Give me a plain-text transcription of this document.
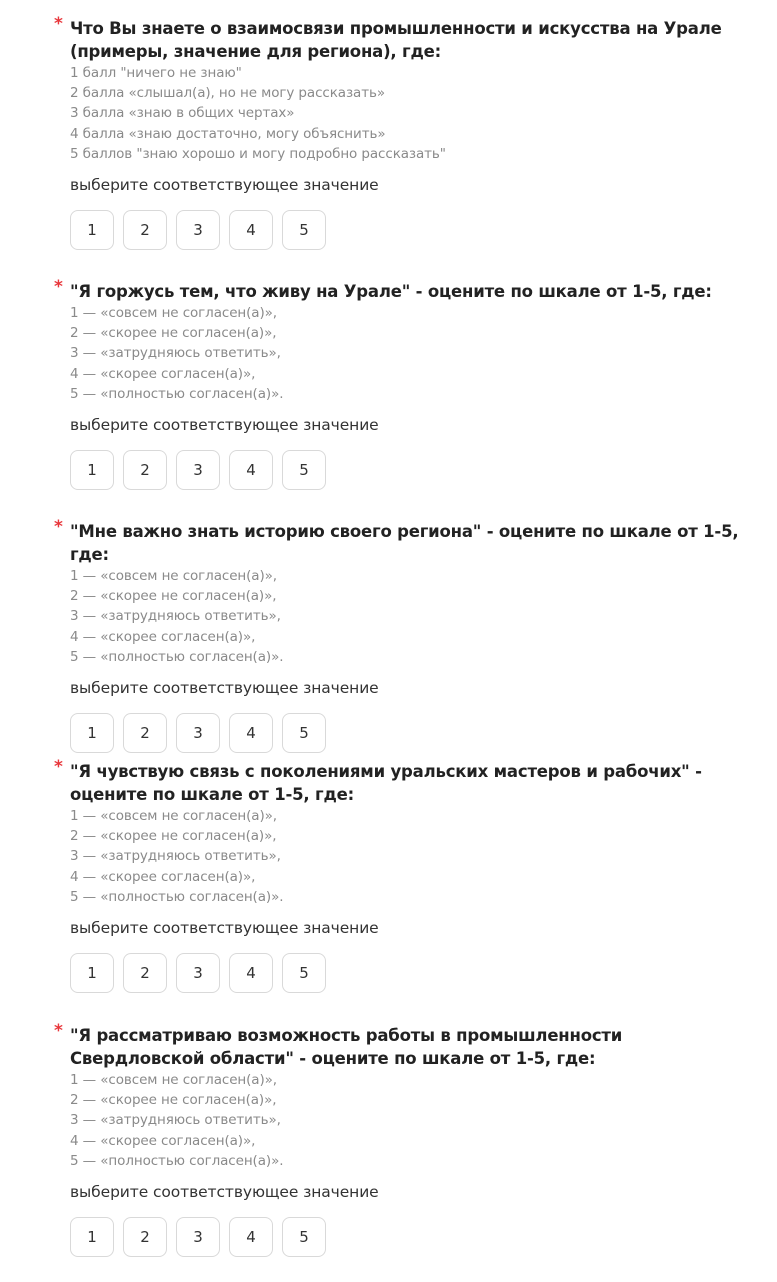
* Что Вы знаете о взаимосвязи промышленности и искусства на Урале (примеры, значение для региона), где:
1 балл "ничего не знаю"
2 балла «слышал(а), но не могу рассказать»
3 балла «знаю в общих чертах»
4 балла «знаю достаточно, могу объяснить»
5 баллов "знаю хорошо и могу подробно рассказать"
выберите соответствующее значение
1	2	3	4	5
* "Я горжусь тем, что живу на Урале" - оцените по шкале от 1-5, где:
1 — «совсем не согласен(а)»,
2 — «скорее не согласен(а)»,
3 — «затрудняюсь ответить»,
4 — «скорее согласен(а)»,
5 — «полностью согласен(а)».
выберите соответствующее значение
1	2	3	4	5
* "Мне важно знать историю своего региона" - оцените по шкале от 1-5, где:
1 — «совсем не согласен(а)»,
2 — «скорее не согласен(а)»,
3 — «затрудняюсь ответить»,
4 — «скорее согласен(а)»,
5 — «полностью согласен(а)».
выберите соответствующее значение
1	2	3	4	5
* "Я чувствую связь с поколениями уральских мастеров и рабочих" - оцените по шкале от 1-5, где:
1 — «совсем не согласен(а)»,
2 — «скорее не согласен(а)»,
3 — «затрудняюсь ответить»,
4 — «скорее согласен(а)»,
5 — «полностью согласен(а)».
выберите соответствующее значение
1	2	3	4	5
* "Я рассматриваю возможность работы в промышленности Свердловской области" - оцените по шкале от 1-5, где:
1 — «совсем не согласен(а)»,
2 — «скорее не согласен(а)»,
3 — «затрудняюсь ответить»,
4 — «скорее согласен(а)»,
5 — «полностью согласен(а)».
выберите соответствующее значение
1	2	3	4	5
